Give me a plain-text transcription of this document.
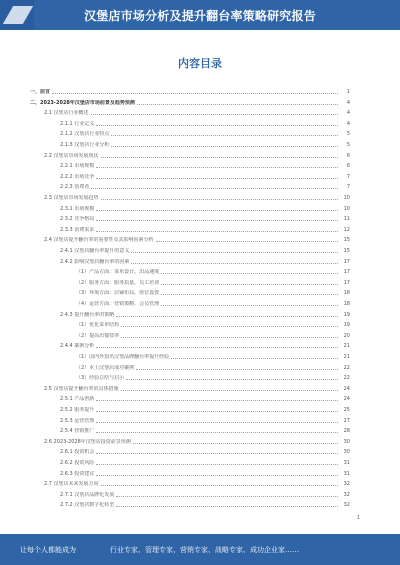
汉堡店市场分析及提升翻台率策略研究报告
内容目录
一、前言	1
二、2023-2028年汉堡店市场前景及趋势预测	4
2.1 汉堡店行业概述	4
2.1.1 行业定义	4
2.1.2 汉堡店行业特点	5
2.1.3 汉堡店行业分析	5
2.2 汉堡店市场发展现状	6
2.2.1 市场规模	6
2.2.2 市场竞争	7
2.2.3 消费者	7
2.3 汉堡店市场发展趋势	10
2.3.1 市场规模	10
2.3.2 竞争格局	11
2.3.3 消费需求	12
2.4 汉堡店提升翻台率的重要性及其影响因素分析	15
2.4.1 汉堡店翻台率提升的意义	15
2.4.2 影响汉堡店翻台率的因素	17
（1）产品方面：菜单设计、出品速度	17
（2）服务方面：服务质量、员工培训	17
（3）环境方面：店铺布局、座位设置	18
（4）运营方面：营销策略、会员管理	18
2.4.3 提升翻台率的策略	19
（1）优化菜单结构	19
（2）提高出餐效率	20
2.4.4 案例分析	21
（1）国内外知名汉堡品牌翻台率提升经验	21
（2）本土汉堡店成功案例	22
（3）经验总结与启示	22
2.5 汉堡店提升翻台率的具体措施	24
2.5.1 产品创新	24
2.5.2 服务提升	25
2.5.3 运营管理	27
2.5.4 营销推广	28
2.6 2023-2028年汉堡店投资前景预测	30
2.6.1 投资机会	30
2.6.2 投资风险	31
2.6.3 投资建议	31
2.7 汉堡店未来发展方向	32
2.7.1 汉堡店品牌化发展	32
2.7.2 汉堡店数字化转型	32
1
让每个人都能成为	行业专家、管理专家、营销专家、战略专家、成功企业家……
